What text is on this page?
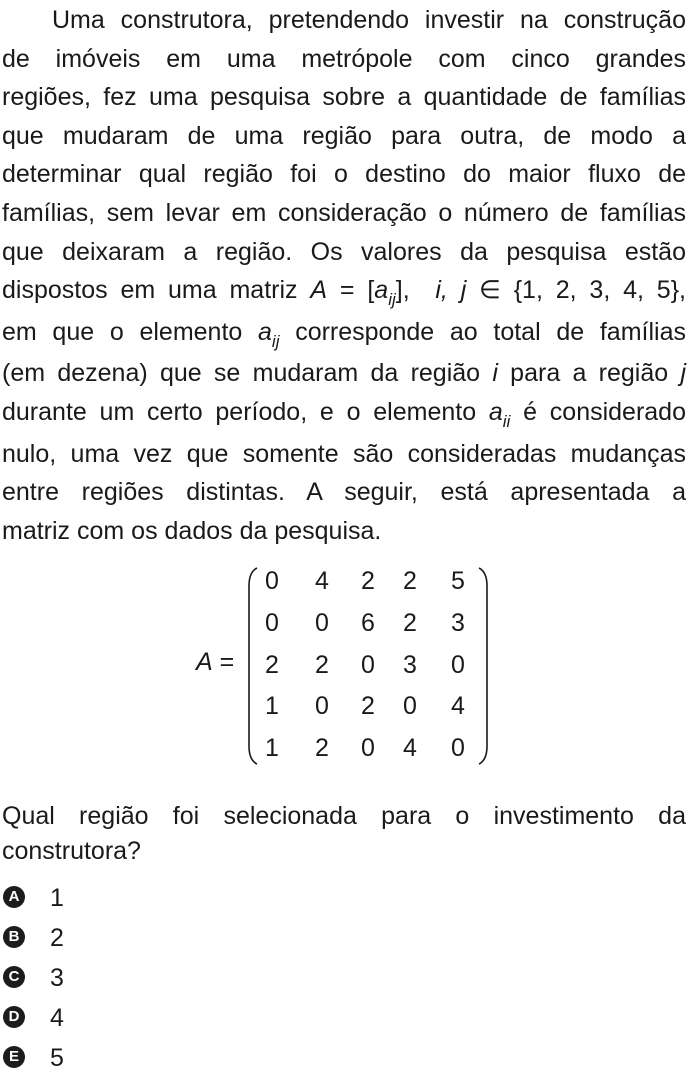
Uma construtora, pretendendo investir na construção
de imóveis em uma metrópole com cinco grandes
regiões, fez uma pesquisa sobre a quantidade de famílias
que mudaram de uma região para outra, de modo a
determinar qual região foi o destino do maior fluxo de
famílias, sem levar em consideração o número de famílias
que deixaram a região. Os valores da pesquisa estão
dispostos em uma matriz $A = [a_{ij}]$, i, j ∈ {1, 2, 3, 4, 5},
em que o elemento $a_{ij}$ corresponde ao total de famílias
(em dezena) que se mudaram da região i para a região j
durante um certo período, e o elemento $a_{ii}$ é considerado
nulo, uma vez que somente são consideradas mudanças
entre regiões distintas. A seguir, está apresentada a
matriz com os dados da pesquisa.
A =
0 4 2 2 5
0 0 6 2 3
2 2 0 3 0
1 0 2 0 4
1 2 0 4 0
Qual região foi selecionada para o investimento da
construtora?
A 1
B 2
C 3
D 4
E 5
